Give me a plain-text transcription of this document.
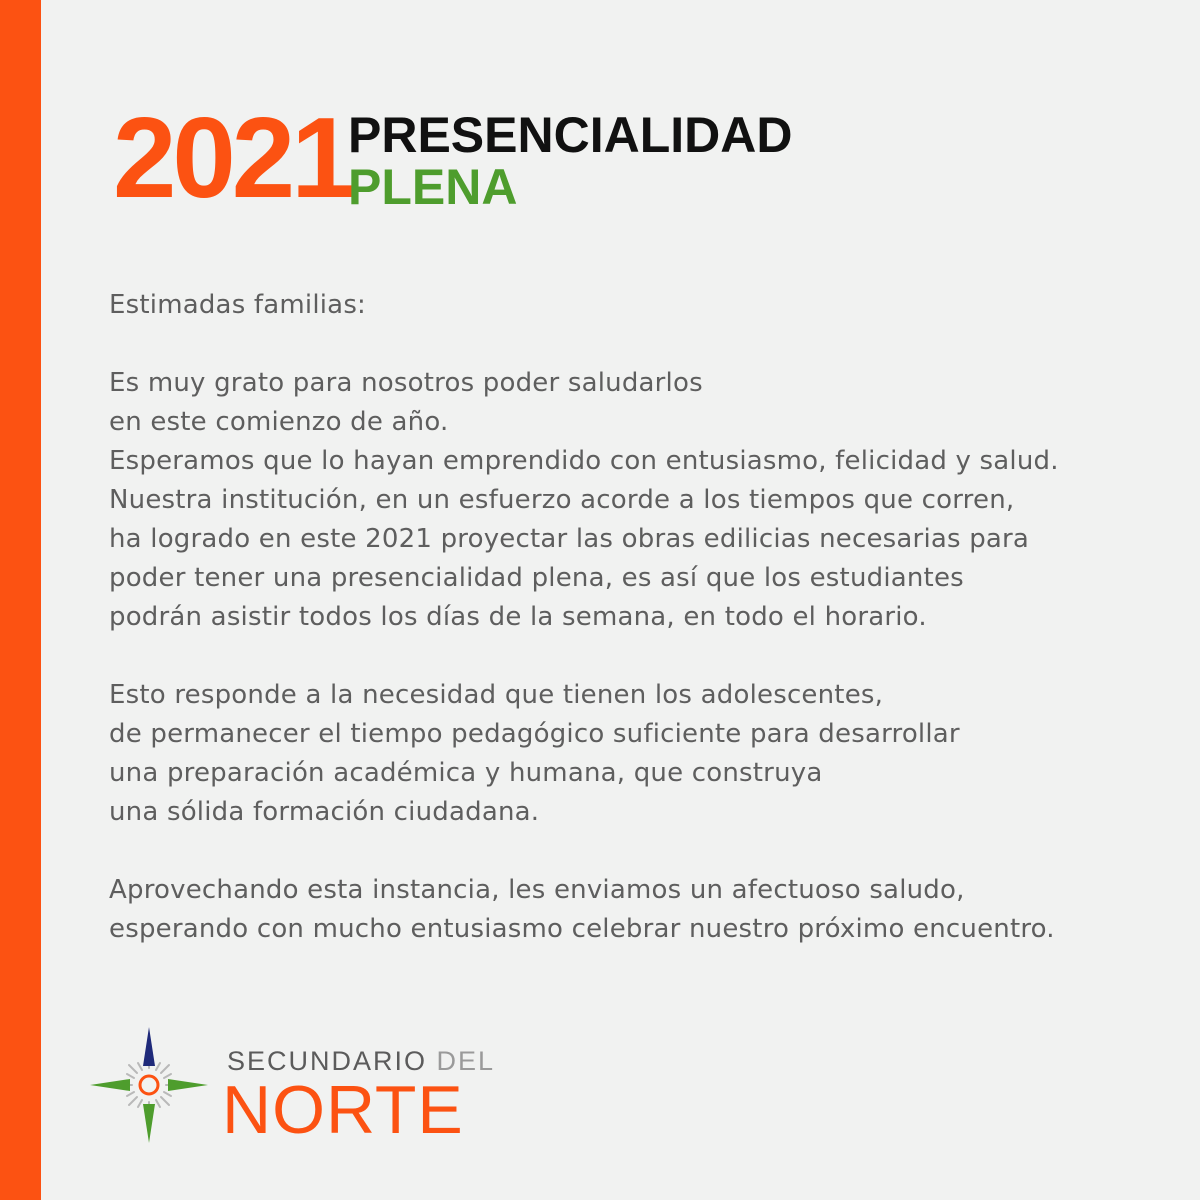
2021
PRESENCIALIDAD
PLENA

Estimadas familias:

Es muy grato para nosotros poder saludarlos
en este comienzo de año.
Esperamos que lo hayan emprendido con entusiasmo, felicidad y salud.
Nuestra institución, en un esfuerzo acorde a los tiempos que corren,
ha logrado en este 2021 proyectar las obras edilicias necesarias para
poder tener una presencialidad plena, es así que los estudiantes
podrán asistir todos los días de la semana, en todo el horario.

Esto responde a la necesidad que tienen los adolescentes,
de permanecer el tiempo pedagógico suficiente para desarrollar
una preparación académica y humana, que construya
una sólida formación ciudadana.

Aprovechando esta instancia, les enviamos un afectuoso saludo,
esperando con mucho entusiasmo celebrar nuestro próximo encuentro.

SECUNDARIO DEL
NORTE
